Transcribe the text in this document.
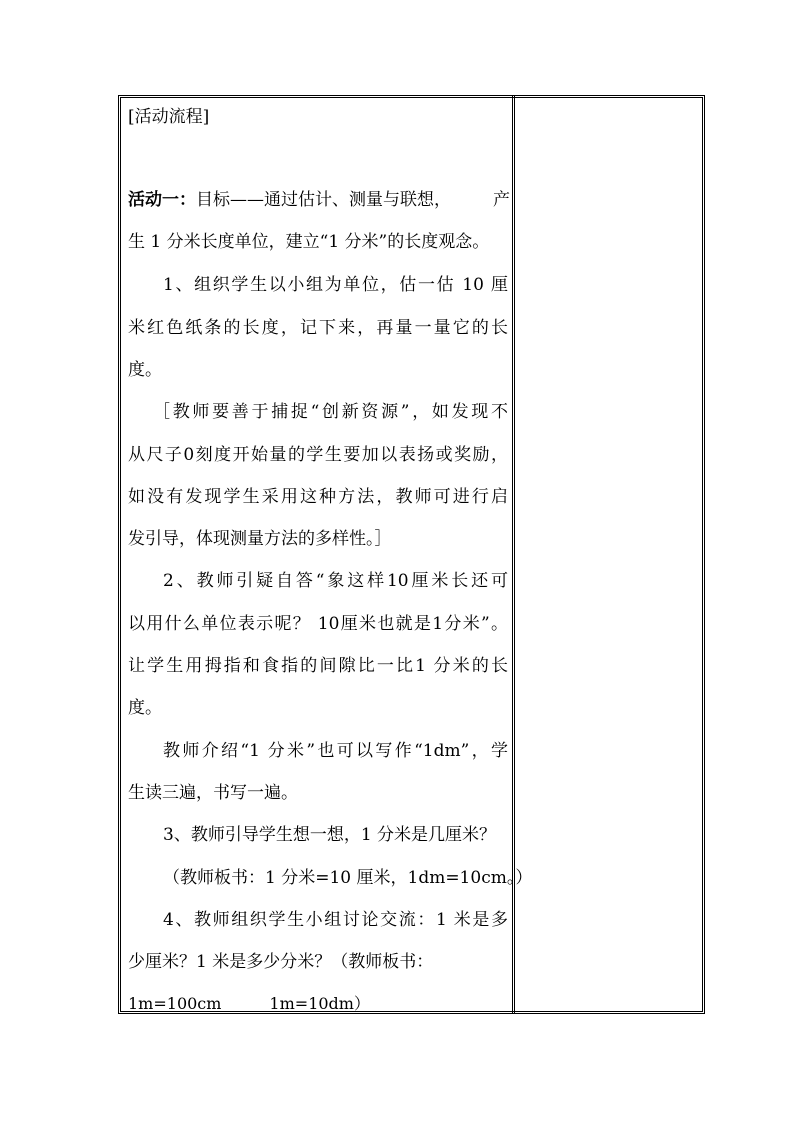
[活动流程]
活动一：目标——通过估计、测量与联想， 产
生 1 分米长度单位，建立“1 分米”的长度观念。
1、组织学生以小组为单位，估一估 10 厘
米红色纸条的长度，记下来，再量一量它的长
度。
［教师要善于捕捉“创新资源”，如发现不
从尺子0刻度开始量的学生要加以表扬或奖励，
如没有发现学生采用这种方法，教师可进行启
发引导，体现测量方法的多样性。］
2、教师引疑自答“象这样10厘米长还可
以用什么单位表示呢？ 10厘米也就是1分米”。
让学生用拇指和食指的间隙比一比1 分米的长
度。
教师介绍“1 分米”也可以写作“1dm”，学
生读三遍，书写一遍。
3、教师引导学生想一想，1 分米是几厘米？
（教师板书：1 分米=10 厘米，1dm=10cm。）
4、教师组织学生小组讨论交流：1 米是多
少厘米？1 米是多少分米？（教师板书：
1m=100cm　　　1m=10dm）
